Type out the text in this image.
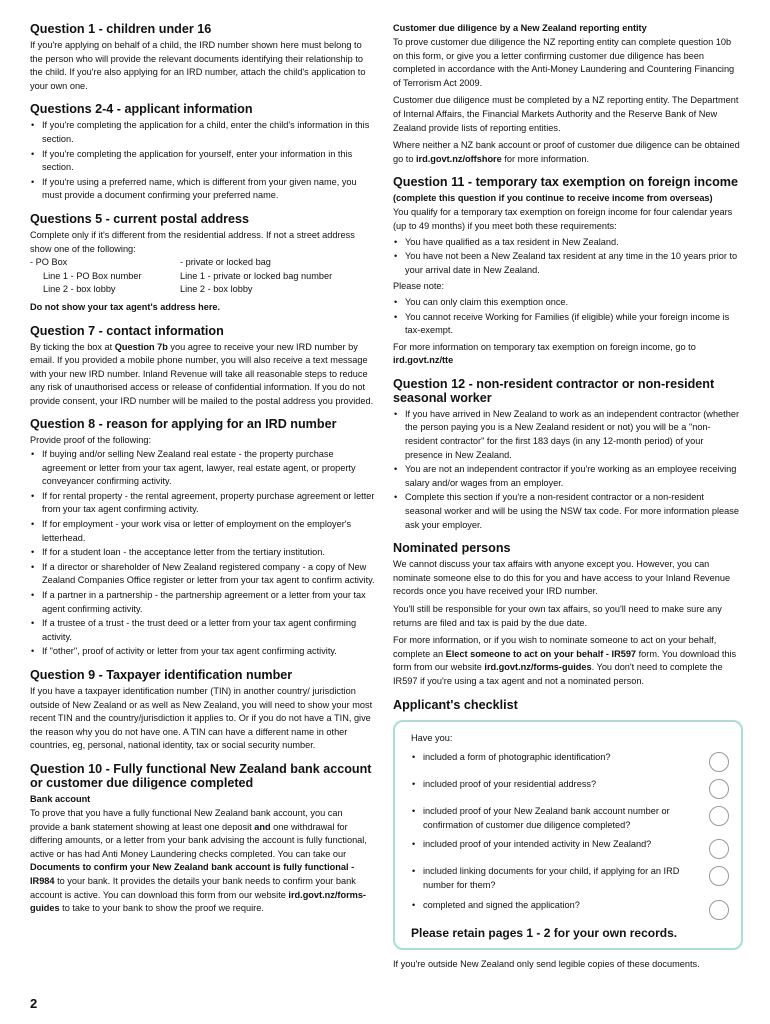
Question 1 - children under 16

If you're applying on behalf of a child, the IRD number shown here must belong to the person who will provide the relevant documents identifying their relationship to the child. If you're also applying for an IRD number, attach the child's application to your own one.

Questions 2-4 - applicant information
• If you're completing the application for a child, enter the child's information in this section.
• If you're completing the application for yourself, enter your information in this section.
• If you're using a preferred name, which is different from your given name, you must provide a document confirming your preferred name.
Questions 5 - current postal address

Complete only if it's different from the residential address. If not a street address show one of the following:

- PO Box	- private or locked bag
Line 1 - PO Box number	Line 1 - private or locked bag number
Line 2 - box lobby	Line 2 - box lobby

Do not show your tax agent's address here.

Question 7 - contact information

By ticking the box at Question 7b you agree to receive your new IRD number by email. If you provided a mobile phone number, you will also receive a text message with your new IRD number. Inland Revenue will take all reasonable steps to reduce any risk of unauthorised access or release of confidential information. If you do not provide consent, your IRD number will be mailed to the postal address you provided.

Question 8 - reason for applying for an IRD number

Provide proof of the following:

• If buying and/or selling New Zealand real estate - the property purchase agreement or letter from your tax agent, lawyer, real estate agent, or property conveyancer confirming activity.
• If for rental property - the rental agreement, property purchase agreement or letter from your tax agent confirming activity.
• If for employment - your work visa or letter of employment on the employer's letterhead.
• If for a student loan - the acceptance letter from the tertiary institution.
• If a director or shareholder of New Zealand registered company - a copy of New Zealand Companies Office register or letter from your tax agent to confirm activity.
• If a partner in a partnership - the partnership agreement or a letter from your tax agent confirming activity.
• If a trustee of a trust - the trust deed or a letter from your tax agent confirming activity.
• If "other", proof of activity or letter from your tax agent confirming activity.
Question 9 - Taxpayer identification number

If you have a taxpayer identification number (TIN) in another country/ jurisdiction outside of New Zealand or as well as New Zealand, you will need to show your most recent TIN and the country/jurisdiction it applies to. Or if you do not have a TIN, give the reason why you do not have one. A TIN can have a different name in other countries, eg, personal, national identity, tax or social security number.

Question 10 - Fully functional New Zealand bank account or customer due diligence completed
Bank account

To prove that you have a fully functional New Zealand bank account, you can provide a bank statement showing at least one deposit and one withdrawal for differing amounts, or a letter from your bank advising the account is fully functional, active or has had Anti Money Laundering checks completed. You can take our Documents to confirm your New Zealand bank account is fully functional - IR984 to your bank. It provides the details your bank needs to confirm your bank account is active. You can download this form from our website ird.govt.nz/forms-guides to take to your bank to show the proof we require.

Customer due diligence by a New Zealand reporting entity

To prove customer due diligence the NZ reporting entity can complete question 10b on this form, or give you a letter confirming customer due diligence has been completed in accordance with the Anti-Money Laundering and Countering Financing of Terrorism Act 2009.

Customer due diligence must be completed by a NZ reporting entity. The Department of Internal Affairs, the Financial Markets Authority and the Reserve Bank of New Zealand provide lists of reporting entities.

Where neither a NZ bank account or proof of customer due diligence can be obtained go to ird.govt.nz/offshore for more information.

Question 11 - temporary tax exemption on foreign income
(complete this question if you continue to receive income from overseas)

You qualify for a temporary tax exemption on foreign income for four calendar years (up to 49 months) if you meet both these requirements:

• You have qualified as a tax resident in New Zealand.
• You have not been a New Zealand tax resident at any time in the 10 years prior to your arrival date in New Zealand.

Please note:

• You can only claim this exemption once.
• You cannot receive Working for Families (if eligible) while your foreign income is tax-exempt.

For more information on temporary tax exemption on foreign income, go to ird.govt.nz/tte

Question 12 - non-resident contractor or non-resident seasonal worker
• If you have arrived in New Zealand to work as an independent contractor (whether the person paying you is a New Zealand resident or not) you will be a "non-resident contractor" for the first 183 days (in any 12-month period) of your presence in New Zealand.
• You are not an independent contractor if you're working as an employee receiving salary and/or wages from an employer.
• Complete this section if you're a non-resident contractor or a non-resident seasonal worker and will be using the NSW tax code. For more information please ask your employer.
Nominated persons

We cannot discuss your tax affairs with anyone except you. However, you can nominate someone else to do this for you and have access to your Inland Revenue records once you have received your IRD number.

You'll still be responsible for your own tax affairs, so you'll need to make sure any returns are filed and tax is paid by the due date.

For more information, or if you wish to nominate someone to act on your behalf, complete an Elect someone to act on your behalf - IR597 form. You download this form from our website ird.govt.nz/forms-guides. You don't need to complete the IR597 if you're using a tax agent and not a nominated person.

Applicant's checklist

Have you:

• included a form of photographic identification?
• included proof of your residential address?
• included proof of your New Zealand bank account number or confirmation of customer due diligence completed?
• included proof of your intended activity in New Zealand?
• included linking documents for your child, if applying for an IRD number for them?
• completed and signed the application?
Please retain pages 1 - 2 for your own records.

If you're outside New Zealand only send legible copies of these documents.

2
